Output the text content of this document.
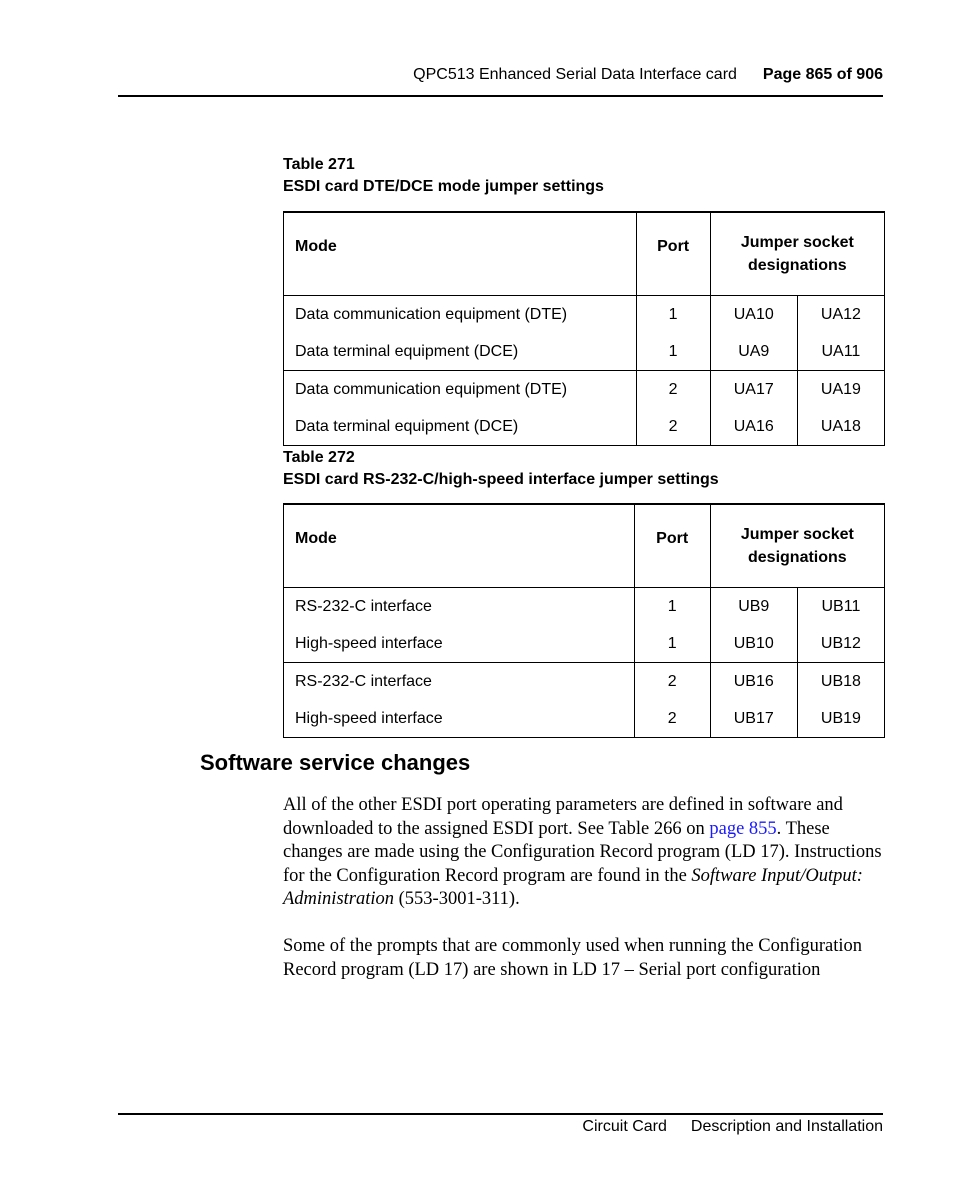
QPC513 Enhanced Serial Data Interface card Page 865 of 906
Table 271
ESDI card DTE/DCE mode jumper settings
Mode	Port	Jumper socket
designations	

Data communication equipment (DTE)	1	UA10	UA12
Data terminal equipment (DCE)	1	UA9	UA11
Data communication equipment (DTE)	2	UA17	UA19
Data terminal equipment (DCE)	2	UA16	UA18
Table 272
ESDI card RS-232-C/high-speed interface jumper settings
Mode	Port	Jumper socket
designations	

RS-232-C interface	1	UB9	UB11
High-speed interface	1	UB10	UB12
RS-232-C interface	2	UB16	UB18
High-speed interface	2	UB17	UB19
Software service changes

All of the other ESDI port operating parameters are defined in software and downloaded to the assigned ESDI port. See Table 266 on page 855. These changes are made using the Configuration Record program (LD 17). Instructions for the Configuration Record program are found in the Software Input/Output: Administration (553-3001-311).

Some of the prompts that are commonly used when running the Configuration Record program (LD 17) are shown in LD 17 – Serial port configuration

Circuit Card Description and Installation
